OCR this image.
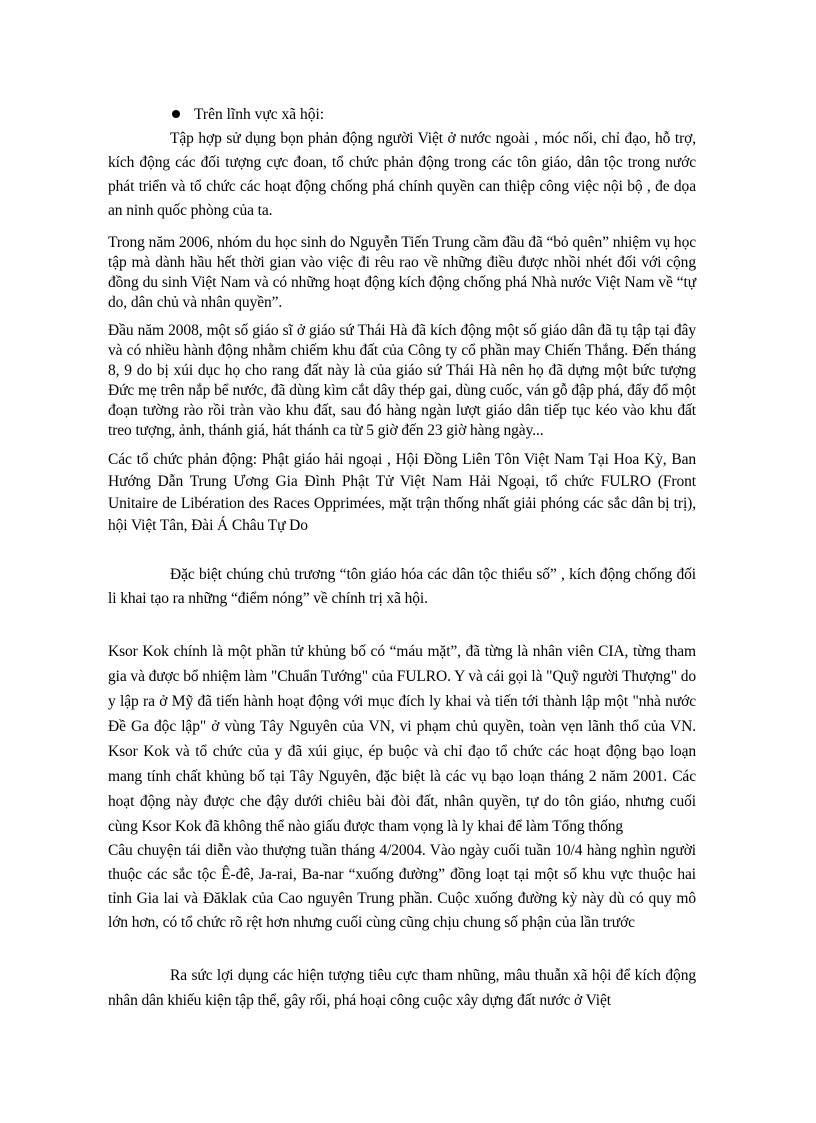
Trên lĩnh vực xã hội:

Tập hợp sử dụng bọn phản động người Việt ở nước ngoài , móc nối, chỉ đạo, hỗ trợ, kích động các đối tượng cực đoan, tổ chức phản động trong các tôn giáo, dân tộc trong nước phát triển và tổ chức các hoạt động chống phá chính quyền can thiệp công việc nội bộ , đe dọa an ninh quốc phòng của ta.

Trong năm 2006, nhóm du học sinh do Nguyễn Tiến Trung cầm đầu đã “bỏ quên” nhiệm vụ học tập mà dành hầu hết thời gian vào việc đi rêu rao về những điều được nhồi nhét đối với cộng đồng du sinh Việt Nam và có những hoạt động kích động chống phá Nhà nước Việt Nam về “tự do, dân chủ và nhân quyền”.

Đầu năm 2008, một số giáo sĩ ở giáo sứ Thái Hà đã kích động một số giáo dân đã tụ tập tại đây và có nhiều hành động nhằm chiếm khu đất của Công ty cổ phần may Chiến Thắng. Đến tháng 8, 9 do bị xúi dục họ cho rang đất này là của giáo sứ Thái Hà nên họ đã dựng một bức tượng Đức mẹ trên nắp bể nước, đã dùng kìm cắt dây thép gai, dùng cuốc, ván gỗ đập phá, đẩy đổ một đoạn tường rào rồi tràn vào khu đất, sau đó hàng ngàn lượt giáo dân tiếp tục kéo vào khu đất treo tượng, ảnh, thánh giá, hát thánh ca từ 5 giờ đến 23 giờ hàng ngày...

Các tổ chức phản động: Phật giáo hải ngoại , Hội Đồng Liên Tôn Việt Nam Tại Hoa Kỳ, Ban Hướng Dẫn Trung Ương Gia Đình Phật Tử Việt Nam Hải Ngoại, tổ chức FULRO (Front Unitaire de Libération des Races Opprimées, mặt trận thống nhất giải phóng các sắc dân bị trị), hội Việt Tân, Đài Á Châu Tự Do

Đặc biệt chúng chủ trương “tôn giáo hóa các dân tộc thiểu số” , kích động chống đối li khai tạo ra những “điểm nóng” về chính trị xã hội.

Ksor Kok chính là một phần tử khủng bố có “máu mặt”, đã từng là nhân viên CIA, từng tham gia và được bổ nhiệm làm "Chuẩn Tướng" của FULRO. Y và cái gọi là "Quỹ người Thượng" do y lập ra ở Mỹ đã tiến hành hoạt động với mục đích ly khai và tiến tới thành lập một "nhà nước Đề Ga độc lập" ở vùng Tây Nguyên của VN, vi phạm chủ quyền, toàn vẹn lãnh thổ của VN. Ksor Kok và tổ chức của y đã xúi giục, ép buộc và chỉ đạo tổ chức các hoạt động bạo loạn mang tính chất khủng bố tại Tây Nguyên, đặc biệt là các vụ bạo loạn tháng 2 năm 2001. Các hoạt động này được che đậy dưới chiêu bài đòi đất, nhân quyền, tự do tôn giáo, nhưng cuối cùng Ksor Kok đã không thể nào giấu được tham vọng là ly khai để làm Tổng thống

Câu chuyện tái diễn vào thượng tuần tháng 4/2004. Vào ngày cuối tuần 10/4 hàng nghìn người thuộc các sắc tộc Ê-đê, Ja-rai, Ba-nar “xuống đường” đồng loạt tại một số khu vực thuộc hai tỉnh Gia lai và Đăklak của Cao nguyên Trung phần. Cuộc xuống đường kỳ này dù có quy mô lớn hơn, có tổ chức rõ rệt hơn nhưng cuối cùng cũng chịu chung số phận của lần trước

Ra sức lợi dụng các hiện tượng tiêu cực tham nhũng, mâu thuẫn xã hội để kích động nhân dân khiếu kiện tập thể, gây rối, phá hoại công cuộc xây dựng đất nước ở Việt
